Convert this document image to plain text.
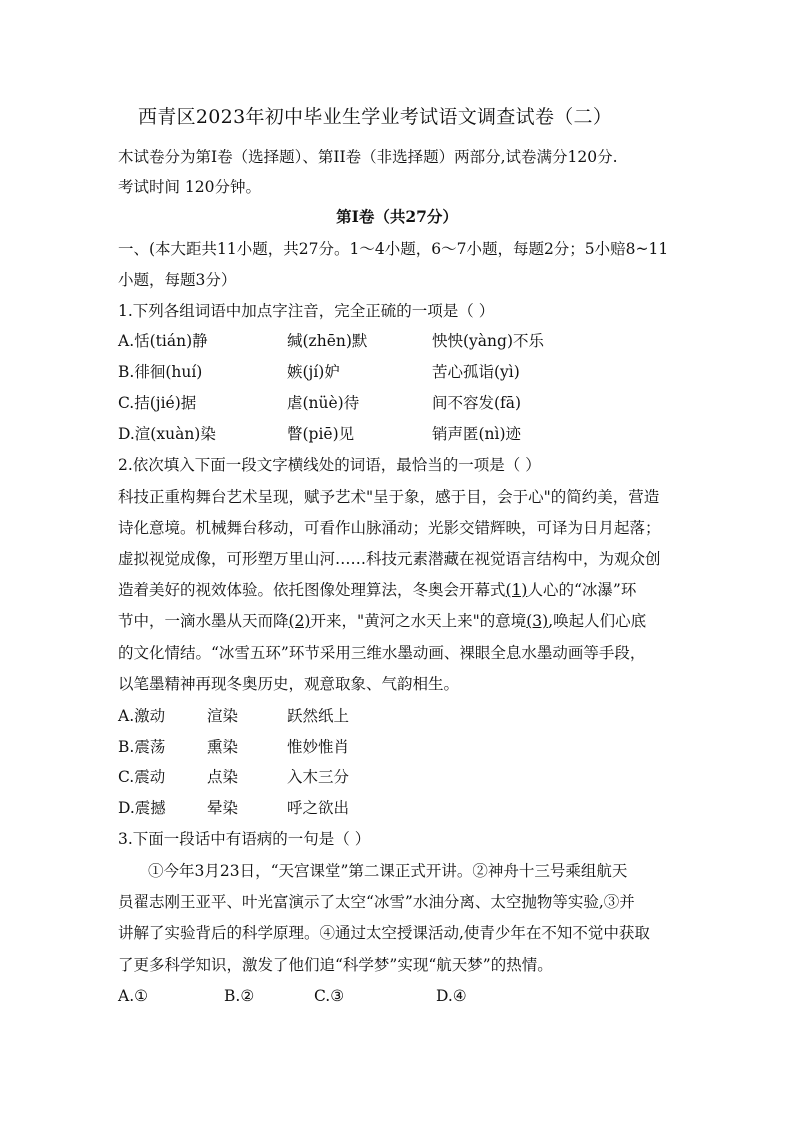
西青区2023年初中毕业生学业考试语文调查试卷（二）
木试卷分为第I卷（选择题）、第II卷（非选择题）两部分,试卷满分120分.
考试时间 120分钟。
第Ⅰ卷（共27分）
一、(本大距共11小题，共27分。1～4小题，6～7小题，每题2分；5小赔8~11
小题，每题3分）
1.下列各组词语中加点字注音，完全正硫的一项是（ ）
A.恬(tián)静	缄(zhēn)默	怏怏(yàng)不乐
B.徘徊(huí)	嫉(jí)妒	苦心孤诣(yì)
C.拮(jié)据	虐(nüè)待	间不容发(fā)
D.渲(xuàn)染	瞥(piē)见	销声匿(nì)迹
2.依次填入下面一段文字横线处的词语，最恰当的一项是（ ）
科技正重构舞台艺术呈现，赋予艺术"呈于象，感于目，会于心"的简约美，营造
诗化意境。机械舞台移动，可看作山脉涌动；光影交错辉映，可译为日月起落；
虚拟视觉成像，可形塑万里山河……科技元素潜藏在视觉语言结构中，为观众创
造着美好的视效体验。依托图像处理算法，冬奥会开幕式(1)人心的“冰瀑”环
节中，一滴水墨从天而降(2)开来，"黄河之水天上来"的意境(3),唤起人们心底
的文化情结。“冰雪五环”环节采用三维水墨动画、裸眼全息水墨动画等手段，
以笔墨精神再现冬奥历史，观意取象、气韵相生。
A.激动	渲染	跃然纸上
B.震荡	熏染	惟妙惟肖
C.震动	点染	入木三分
D.震撼	晕染	呼之欲出
3.下面一段话中有语病的一句是（ ）
①今年3月23日，“天宫课堂”第二课正式开讲。②神舟十三号乘组航天
员翟志刚王亚平、叶光富演示了太空“冰雪”水油分离、太空抛物等实验,③并
讲解了实验背后的科学原理。④通过太空授课活动,使青少年在不知不觉中获取
了更多科学知识，激发了他们追“科学梦”实现“航天梦”的热情。
A.①	B.②	C.③	D.④
